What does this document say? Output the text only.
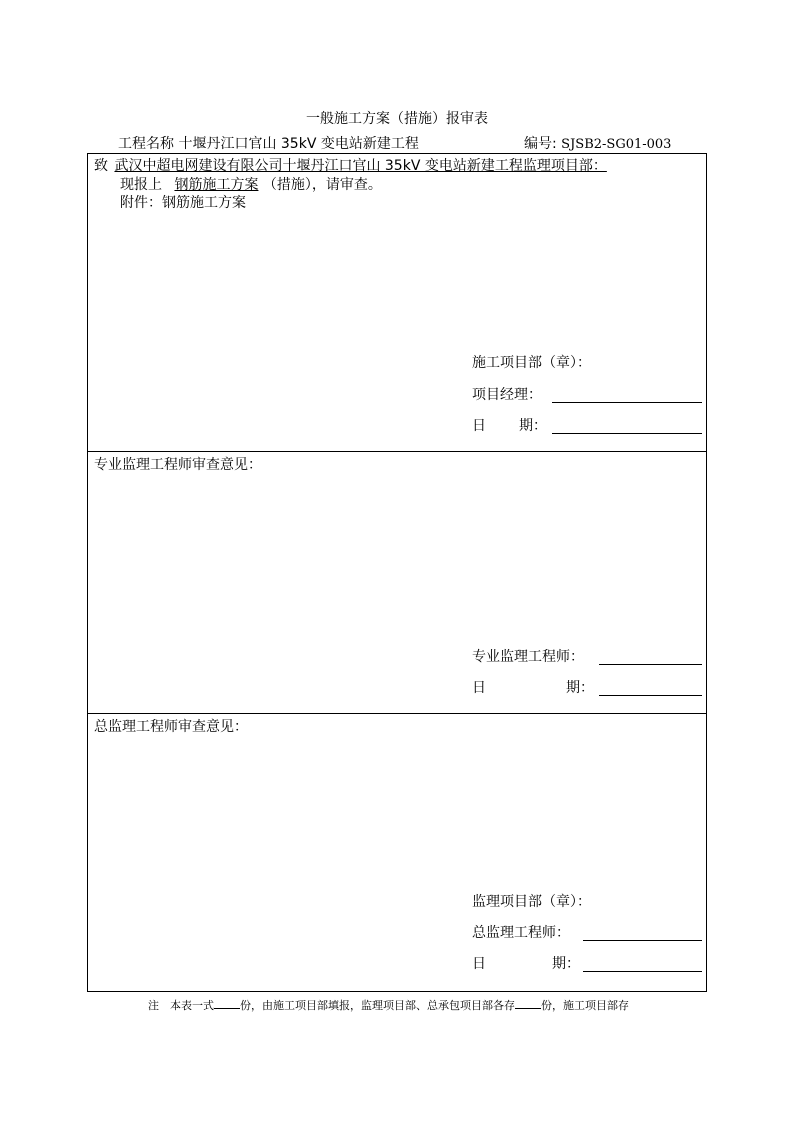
一般施工方案（措施）报审表
工程名称 十堰丹江口官山 35kV 变电站新建工程	编号: SJSB2-SG01-003
致 武汉中超电网建设有限公司十堰丹江口官山 35kV 变电站新建工程监理项目部：
现报上 钢筋施工方案 （措施），请审查。
附件：钢筋施工方案
施工项目部（章）：
项目经理：
日 期：
专业监理工程师审查意见：
专业监理工程师：
日	期：
总监理工程师审查意见：
监理项目部（章）：
总监理工程师：
日	期：
注　本表一式 份，由施工项目部填报，监理项目部、总承包项目部各存 份，施工项目部存
